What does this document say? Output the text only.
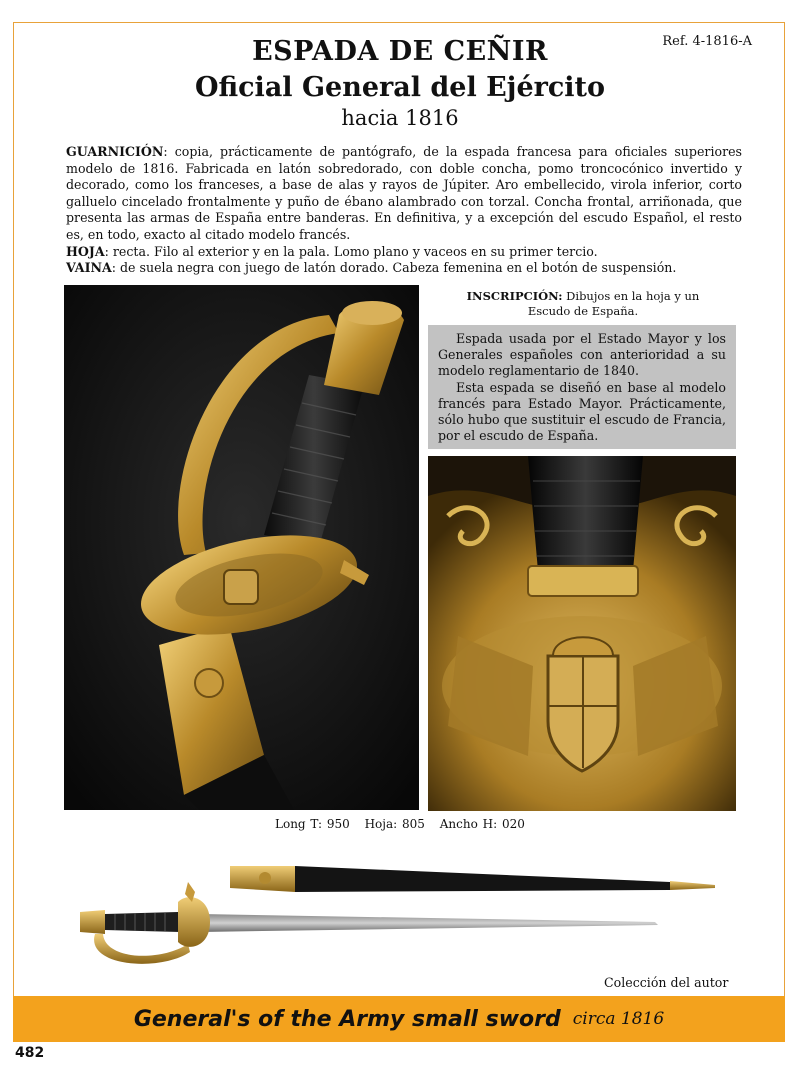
Ref. 4-1816-A
ESPADA DE CEÑIR
Oficial General del Ejército
hacia 1816

GUARNICIÓN: copia, prácticamente de pantógrafo, de la espada francesa para oficiales superiores modelo de 1816. Fabricada en latón sobredorado, con doble concha, pomo troncocónico invertido y decorado, como los franceses, a base de alas y rayos de Júpiter. Aro embellecido, virola inferior, corto galluelo cincelado frontalmente y puño de ébano alambrado con torzal. Concha frontal, arriñonada, que presenta las armas de España entre banderas. En definitiva, y a excepción del escudo Español, el resto es, en todo, exacto al citado modelo francés.

HOJA: recta. Filo al exterior y en la pala. Lomo plano y vaceos en su primer tercio.

VAINA: de suela negra con juego de latón dorado. Cabeza femenina en el botón de suspensión.

INSCRIPCIÓN: Dibujos en la hoja y un
Escudo de España.

Espada usada por el Estado Mayor y los Generales españoles con anterioridad a su modelo reglamentario de 1840.

Esta espada se diseñó en base al modelo francés para Estado Mayor. Prácticamente, sólo hubo que sustituir el escudo de Francia, por el escudo de España.

Long T: 950 Hoja: 805 Ancho H: 020
Colección del autor
General's of the Army small sword circa 1816
482
